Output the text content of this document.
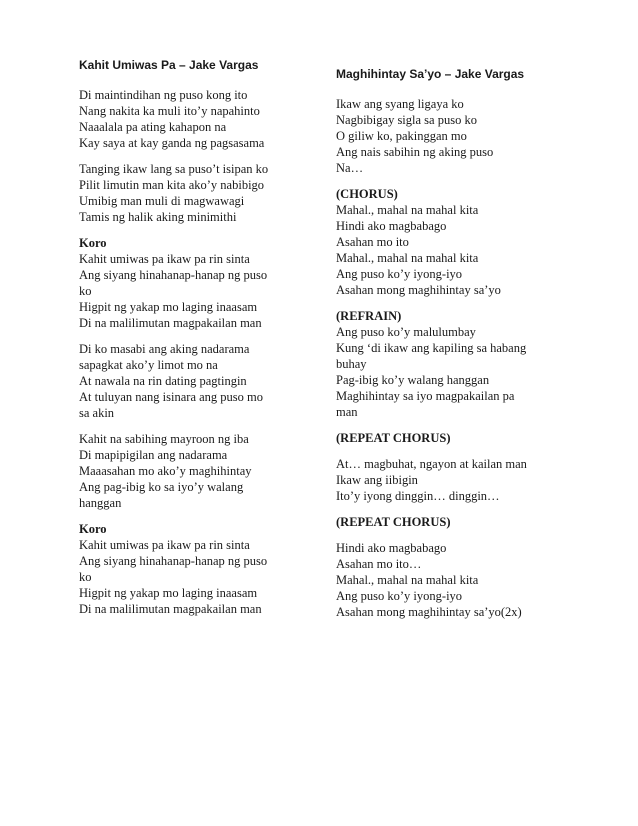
Kahit Umiwas Pa – Jake Vargas
Di maintindihan ng puso kong ito
Nang nakita ka muli ito’y napahinto
Naaalala pa ating kahapon na
Kay saya at kay ganda ng pagsasama
Tanging ikaw lang sa puso’t isipan ko
Pilit limutin man kita ako’y nabibigo
Umibig man muli di magwawagi
Tamis ng halik aking minimithi
Koro
Kahit umiwas pa ikaw pa rin sinta
Ang siyang hinahanap-hanap ng puso
ko
Higpit ng yakap mo laging inaasam
Di na malilimutan magpakailan man
Di ko masabi ang aking nadarama
sapagkat ako’y limot mo na
At nawala na rin dating pagtingin
At tuluyan nang isinara ang puso mo
sa akin
Kahit na sabihing mayroon ng iba
Di mapipigilan ang nadarama
Maaasahan mo ako’y maghihintay
Ang pag-ibig ko sa iyo’y walang
hanggan
Koro
Kahit umiwas pa ikaw pa rin sinta
Ang siyang hinahanap-hanap ng puso
ko
Higpit ng yakap mo laging inaasam
Di na malilimutan magpakailan man
Maghihintay Sa’yo – Jake Vargas
Ikaw ang syang ligaya ko
Nagbibigay sigla sa puso ko
O giliw ko, pakinggan mo
Ang nais sabihin ng aking puso
Na…
(CHORUS)
Mahal., mahal na mahal kita
Hindi ako magbabago
Asahan mo ito
Mahal., mahal na mahal kita
Ang puso ko’y iyong-iyo
Asahan mong maghihintay sa’yo
(REFRAIN)
Ang puso ko’y malulumbay
Kung ‘di ikaw ang kapiling sa habang
buhay
Pag-ibig ko’y walang hanggan
Maghihintay sa iyo magpakailan pa
man
(REPEAT CHORUS)
At… magbuhat, ngayon at kailan man
Ikaw ang iibigin
Ito’y iyong dinggin… dinggin…
(REPEAT CHORUS)
Hindi ako magbabago
Asahan mo ito…
Mahal., mahal na mahal kita
Ang puso ko’y iyong-iyo
Asahan mong maghihintay sa’yo(2x)
